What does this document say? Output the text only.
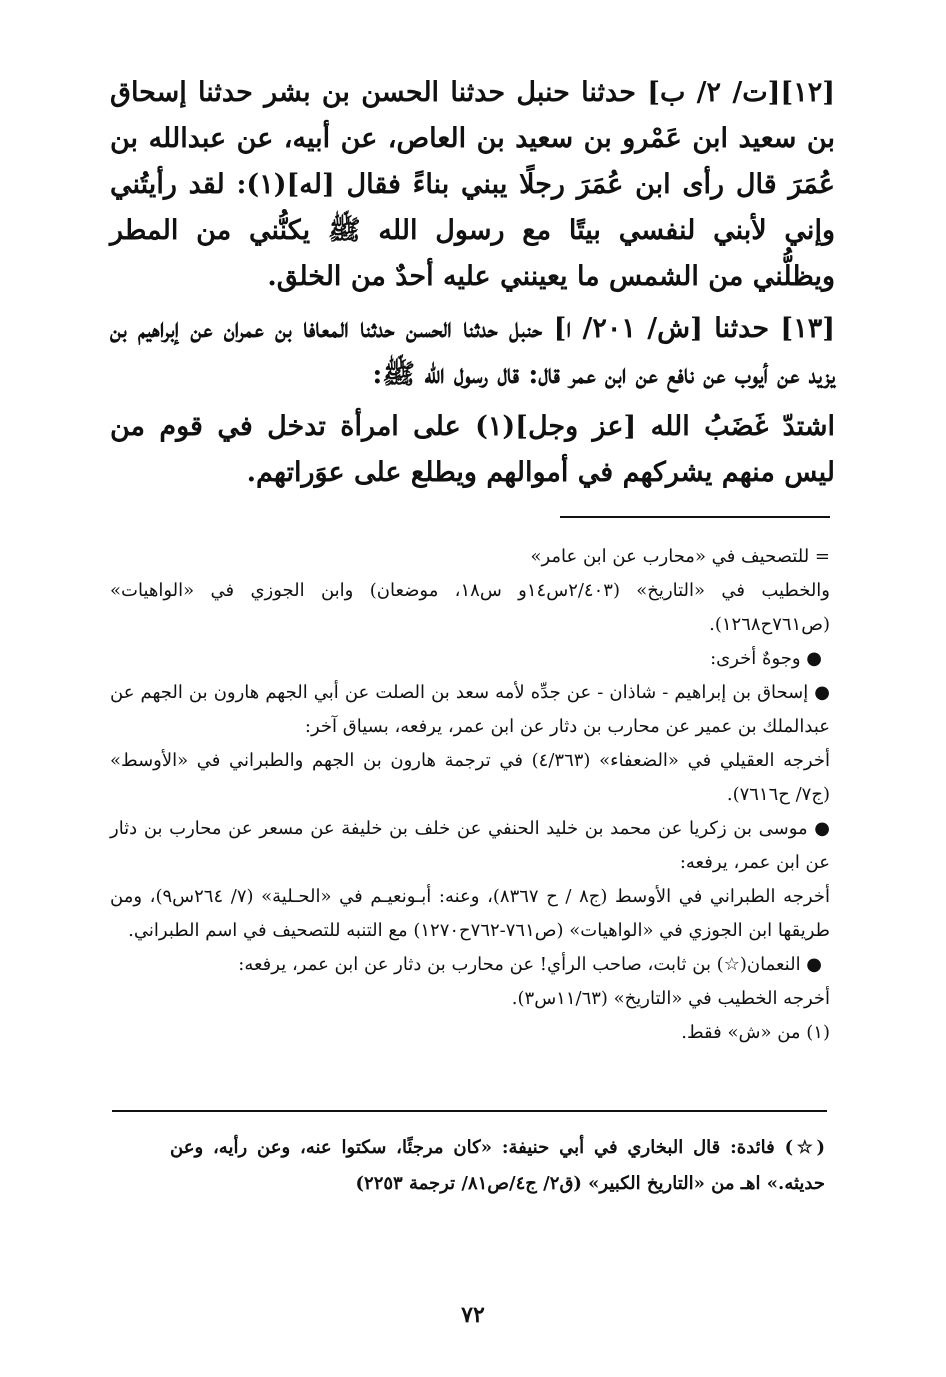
[١٢][ت/ ٢/ ب] حدثنا حنبل حدثنا الحسن بن بشر حدثنا إسحاق بن سعيد ابن عَمْرو بن سعيد بن العاص، عن أبيه، عن عبدالله بن عُمَرَ قال رأى ابن عُمَرَ رجلًا يبني بناءً فقال [له](١): لقد رأيتُني وإني لأبني لنفسي بيتًا مع رسول الله ﷺ يكنُّني من المطر ويظلُّني من الشمس ما يعينني عليه أحدٌ من الخلق.

[١٣] حدثنا [ش/ ٢٠١/ ا] حنبل حدثنا الحسن حدثنا المعافا بن عمران عن إبراهيم بن يزيد عن أيوب عن نافع عن ابن عمر قال: قال رسول الله ﷺ:

اشتدّ غَضَبُ الله [عز وجل](١) على امرأة تدخل في قوم من ليس منهم يشركهم في أموالهم ويطلع على عوَراتهم.

= للتصحيف في «محارب عن ابن عامر»

والخطيب في «التاريخ» (٢/٤٠٣س١٤و س١٨، موضعان) وابن الجوزي في «الواهيات» (ص٧٦١ح١٢٦٨).

● وجوهٌ أخرى:

● إسحاق بن إبراهيم - شاذان - عن جدِّه لأمه سعد بن الصلت عن أبي الجهم هارون بن الجهم عن عبدالملك بن عمير عن محارب بن دثار عن ابن عمر، يرفعه، بسياق آخر:

أخرجه العقيلي في «الضعفاء» (٤/٣٦٣) في ترجمة هارون بن الجهم والطبراني في «الأوسط» (ج٧/ ح٧٦١٦).

● موسى بن زكريا عن محمد بن خليد الحنفي عن خلف بن خليفة عن مسعر عن محارب بن دثار عن ابن عمر، يرفعه:

أخرجه الطبراني في الأوسط (ج٨ / ح ٨٣٦٧)، وعنه: أبـونعيـم في «الحـلية» (٧/ ٢٦٤س٩)، ومن طريقها ابن الجوزي في «الواهيات» (ص٧٦١-٧٦٢ح١٢٧٠) مع التنبه للتصحيف في اسم الطبراني.

● النعمان(☆) بن ثابت، صاحب الرأي! عن محارب بن دثار عن ابن عمر، يرفعه:

أخرجه الخطيب في «التاريخ» (١١/٦٣س٣).

(١) من «ش» فقط.

(☆) فائدة: قال البخاري في أبي حنيفة: «كان مرجئًا، سكتوا عنه، وعن رأيه، وعن حديثه.» اهـ من «التاريخ الكبير» (ق٢/ ج٤/ص٨١/ ترجمة ٢٢٥٣)

٧٢
